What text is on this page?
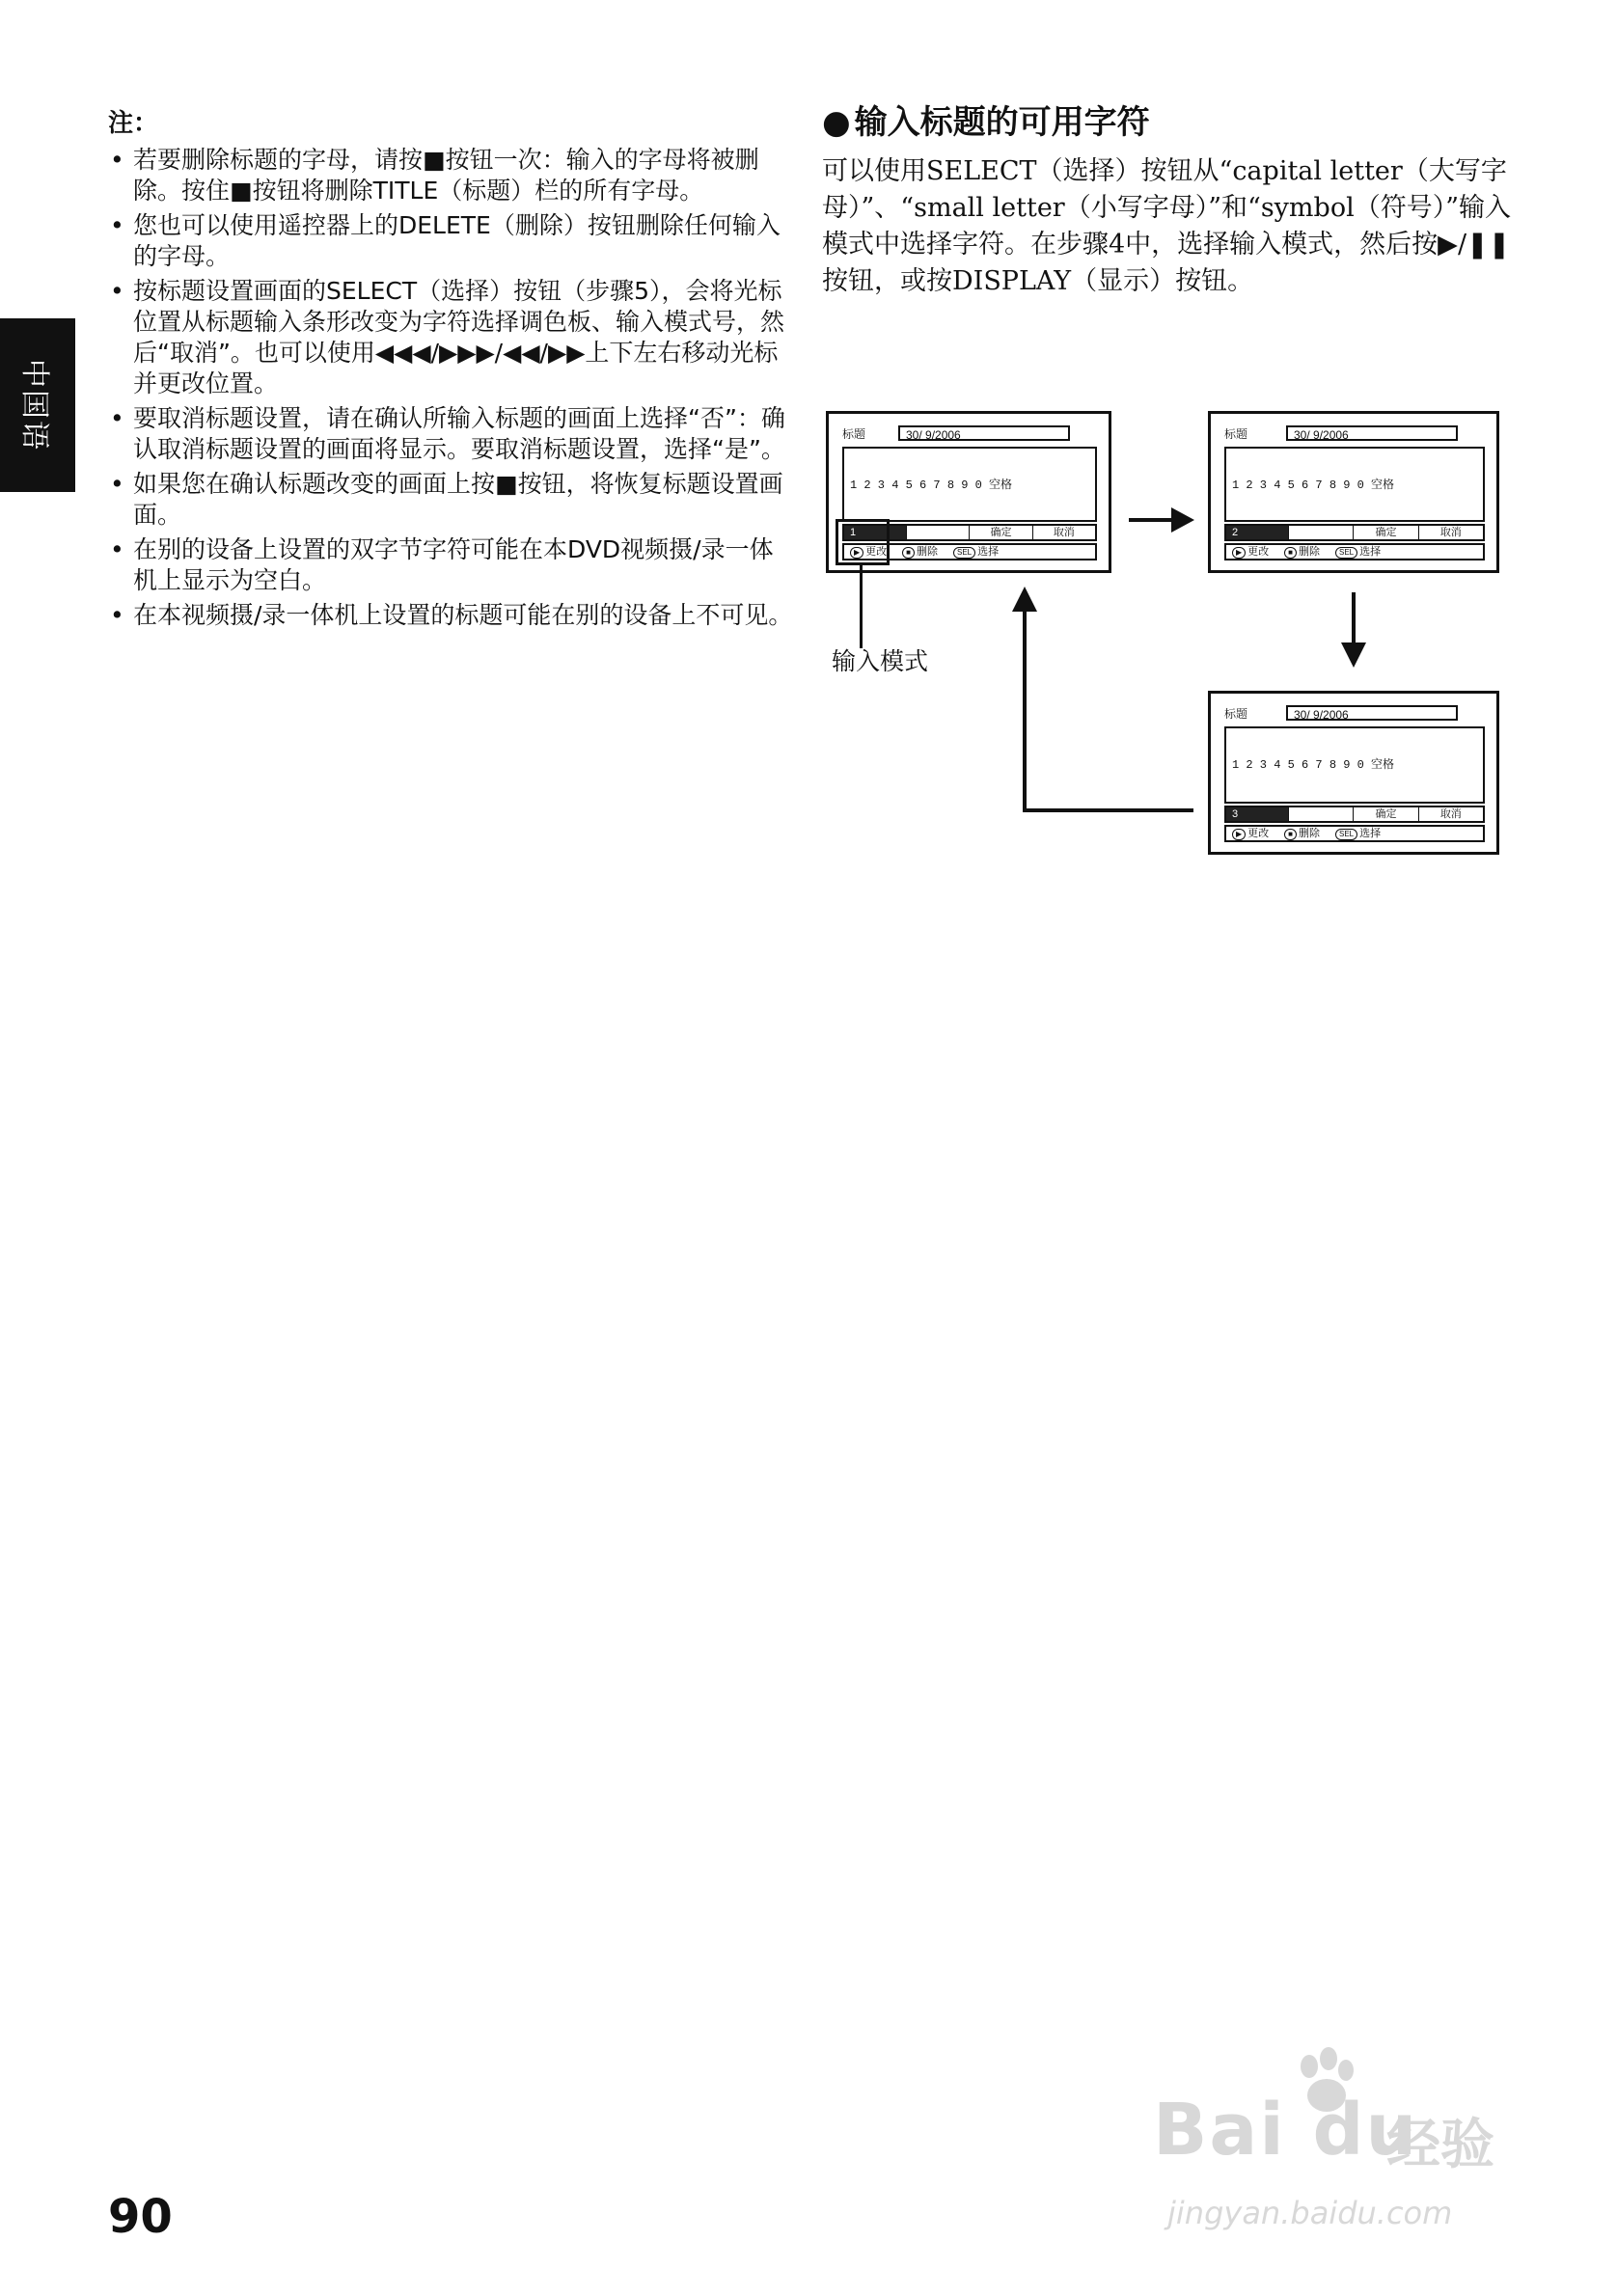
中国语
注：
• 若要删除标题的字母，请按■按钮一次：输入的字母将被删除。按住■按钮将删除TITLE（标题）栏的所有字母。
• 您也可以使用遥控器上的DELETE（删除）按钮删除任何输入的字母。
• 按标题设置画面的SELECT（选择）按钮（步骤5），会将光标位置从标题输入条形改变为字符选择调色板、输入模式号，然后“取消”。也可以使用◀◀◀/▶▶▶/◀◀/▶▶上下左右移动光标并更改位置。
• 要取消标题设置，请在确认所输入标题的画面上选择“否”：确认取消标题设置的画面将显示。要取消标题设置，选择“是”。
• 如果您在确认标题改变的画面上按■按钮，将恢复标题设置画面。
• 在别的设备上设置的双字节字符可能在本DVD视频摄/录一体机上显示为空白。
• 在本视频摄/录一体机上设置的标题可能在别的设备上不可见。
● 输入标题的可用字符
可以使用SELECT（选择）按钮从“capital letter（大写字母）”、“small letter（小写字母）”和“symbol（符号）”输入模式中选择字符。在步骤4中，选择输入模式，然后按▶/❚❚按钮，或按DISPLAY（显示）按钮。
标题	30/ 9/2006

1 2 3 4 5 6 7 8 9 0 空格

1	确定	取消
▶ 更改	■ 删除	SEL 选择
输入模式
标题	30/ 9/2006

1 2 3 4 5 6 7 8 9 0 空格

2	确定	取消
▶ 更改	■ 删除	SEL 选择
标题	30/ 9/2006

1 2 3 4 5 6 7 8 9 0 空格

3	确定	取消
▶ 更改	■ 删除	SEL 选择
Bai du
经验
jingyan.baidu.com
90
